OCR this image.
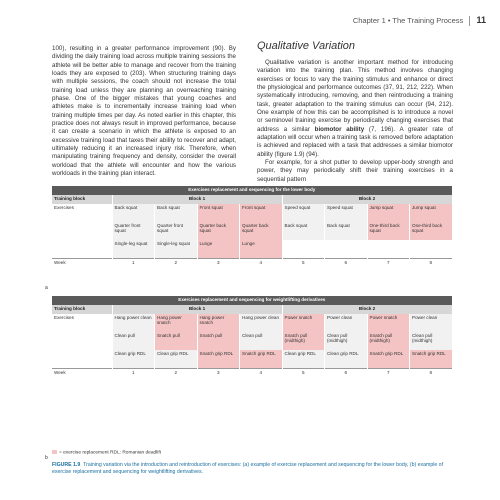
Chapter 1 • The Training Process 11
100), resulting in a greater performance improvement (90). By dividing the daily training load across multiple training sessions the athlete will be better able to manage and recover from the training loads they are exposed to (203). When structuring training days with multiple sessions, the coach should not increase the total training load unless they are planning an overreaching training phase. One of the bigger mistakes that young coaches and athletes make is to incrementally increase training load when training multiple times per day. As noted earlier in this chapter, this practice does not always result in improved performance, because it can create a scenario in which the athlete is exposed to an excessive training load that taxes their ability to recover and adapt, ultimately reducing it an increased injury risk. Therefore, when manipulating training frequency and density, consider the overall workload that the athlete will encounter and how the various workloads in the training plan interact.
Qualitative Variation

Qualitative variation is another important method for introducing variation into the training plan. This method involves changing exercises or focus to vary the training stimulus and enhance or direct the physiological and performance outcomes (37, 91, 212, 222). When systematically introducing, removing, and then reintroducing a training task, greater adaptation to the training stimulus can occur (94, 212). One example of how this can be accomplished is to introduce a novel or seminovel training exercise by periodically changing exercises that address a similar biomotor ability (7, 196). A greater rate of adaptation will occur when a training task is removed before adaptation is achieved and replaced with a task that addresses a similar biomotor ability (figure 1.9) (94).

For example, for a shot putter to develop upper-body strength and power, they may periodically shift their training exercises in a sequential pattern

Exercises replacement and sequencing for the lower body								
Training block	Block 1				Block 2			
Exercises	Back squat	Back squat	Front squat	Front squat	Speed squat	Speed squat	Jump squat	Jump squat
	Quarter front squat	Quarter front squat	Quarter back squat	Quarter back squat	Back squat	Back squat	One-third back squat	One-third back squat
	Single-leg squat	Single-leg squat	Lunge	Lunge				
Week	1	2	3	4	5	6	7	8
a
Exercises replacement and sequencing for weightlifting derivatives								
Training block	Block 1				Block 2			
Exercises	Hang power clean	Hang power snatch	Hang power snatch	Hang power clean	Power snatch	Power clean	Power snatch	Power clean
	Clean pull	Snatch pull	Snatch pull	Clean pull	Snatch pull (midthigh)	Clean pull (midthigh)	Snatch pull (midthigh)	Clean pull (midthigh)
	Clean grip RDL	Clean grip RDL	Snatch grip RDL	Snatch grip RDL	Clean grip RDL	Clean grip RDL	Snatch grip RDL	Snatch grip RDL
Week	1	2	3	4	5	6	7	8
= exercise replacement RDL: Romanian deadlift
b
FIGURE 1.9 Training variation via the introduction and reintroduction of exercises: (a) example of exercise replacement and sequencing for the lower body, (b) example of exercise replacement and sequencing for weightlifting derivatives.
